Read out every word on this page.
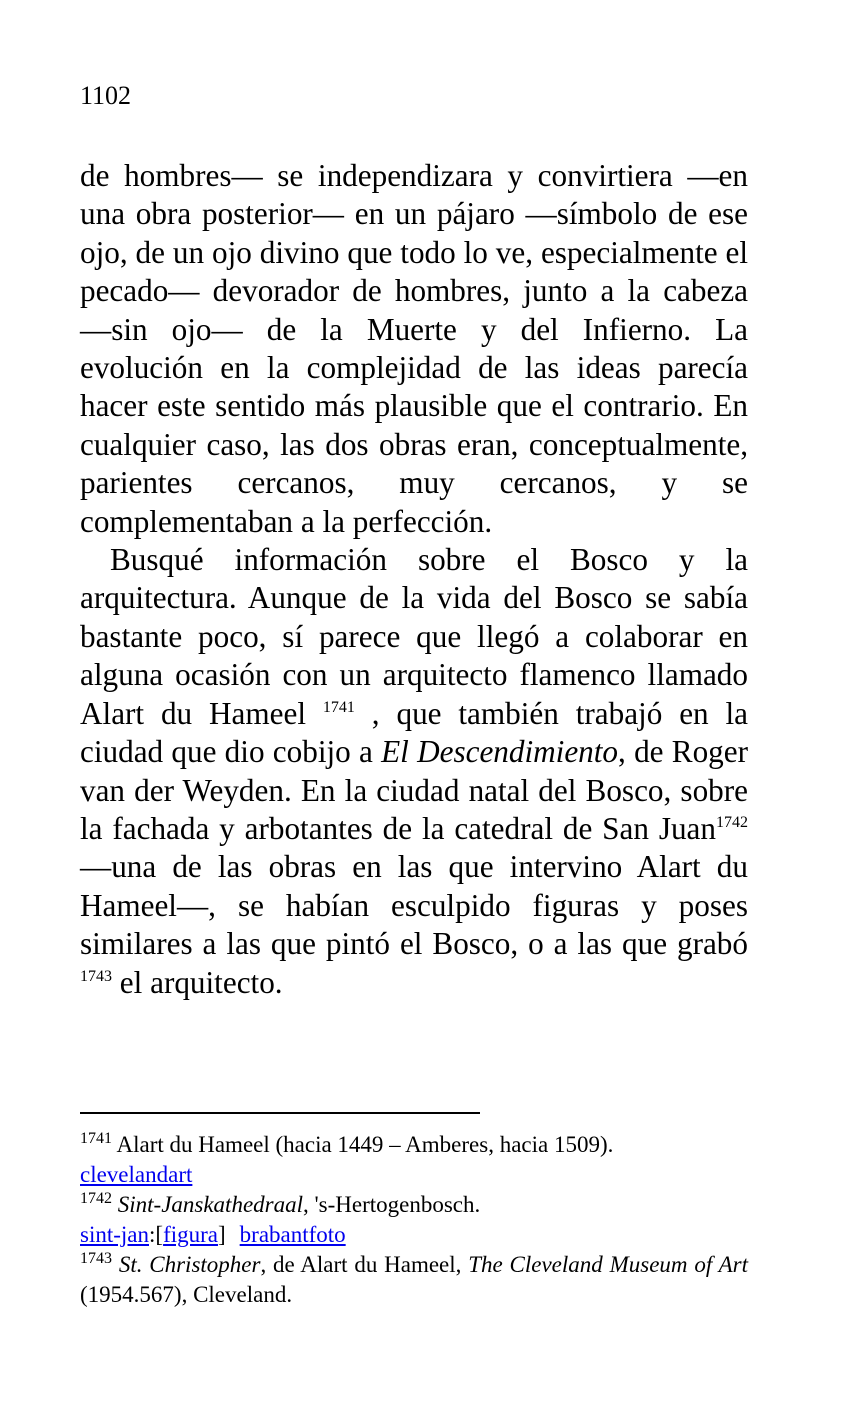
1102

de hombres— se independizara y convirtiera —en una obra posterior— en un pájaro —símbolo de ese ojo, de un ojo divino que todo lo ve, especialmente el pecado— devorador de hombres, junto a la cabeza —sin ojo— de la Muerte y del Infierno. La evolución en la complejidad de las ideas parecía hacer este sentido más plausible que el contrario. En cualquier caso, las dos obras eran, conceptualmente, parientes cercanos, muy cercanos, y se complementaban a la perfección.

Busqué información sobre el Bosco y la arquitectura. Aunque de la vida del Bosco se sabía bastante poco, sí parece que llegó a colaborar en alguna ocasión con un arquitecto flamenco llamado Alart du Hameel $^{1741}$ , que también trabajó en la ciudad que dio cobijo a El Descendimiento, de Roger van der Weyden. En la ciudad natal del Bosco, sobre la fachada y arbotantes de la catedral de San Juan$^{1742}$ —una de las obras en las que intervino Alart du Hameel—, se habían esculpido figuras y poses similares a las que pintó el Bosco, o a las que grabó $^{1743}$ el arquitecto.

$^{1741}$ Alart du Hameel (hacia 1449 – Amberes, hacia 1509).
clevelandart

$^{1742}$ Sint-Janskathedraal, 's-Hertogenbosch.
sint-jan:[figura] brabantfoto

$^{1743}$ St. Christopher, de Alart du Hameel, The Cleveland Museum of Art (1954.567), Cleveland.
